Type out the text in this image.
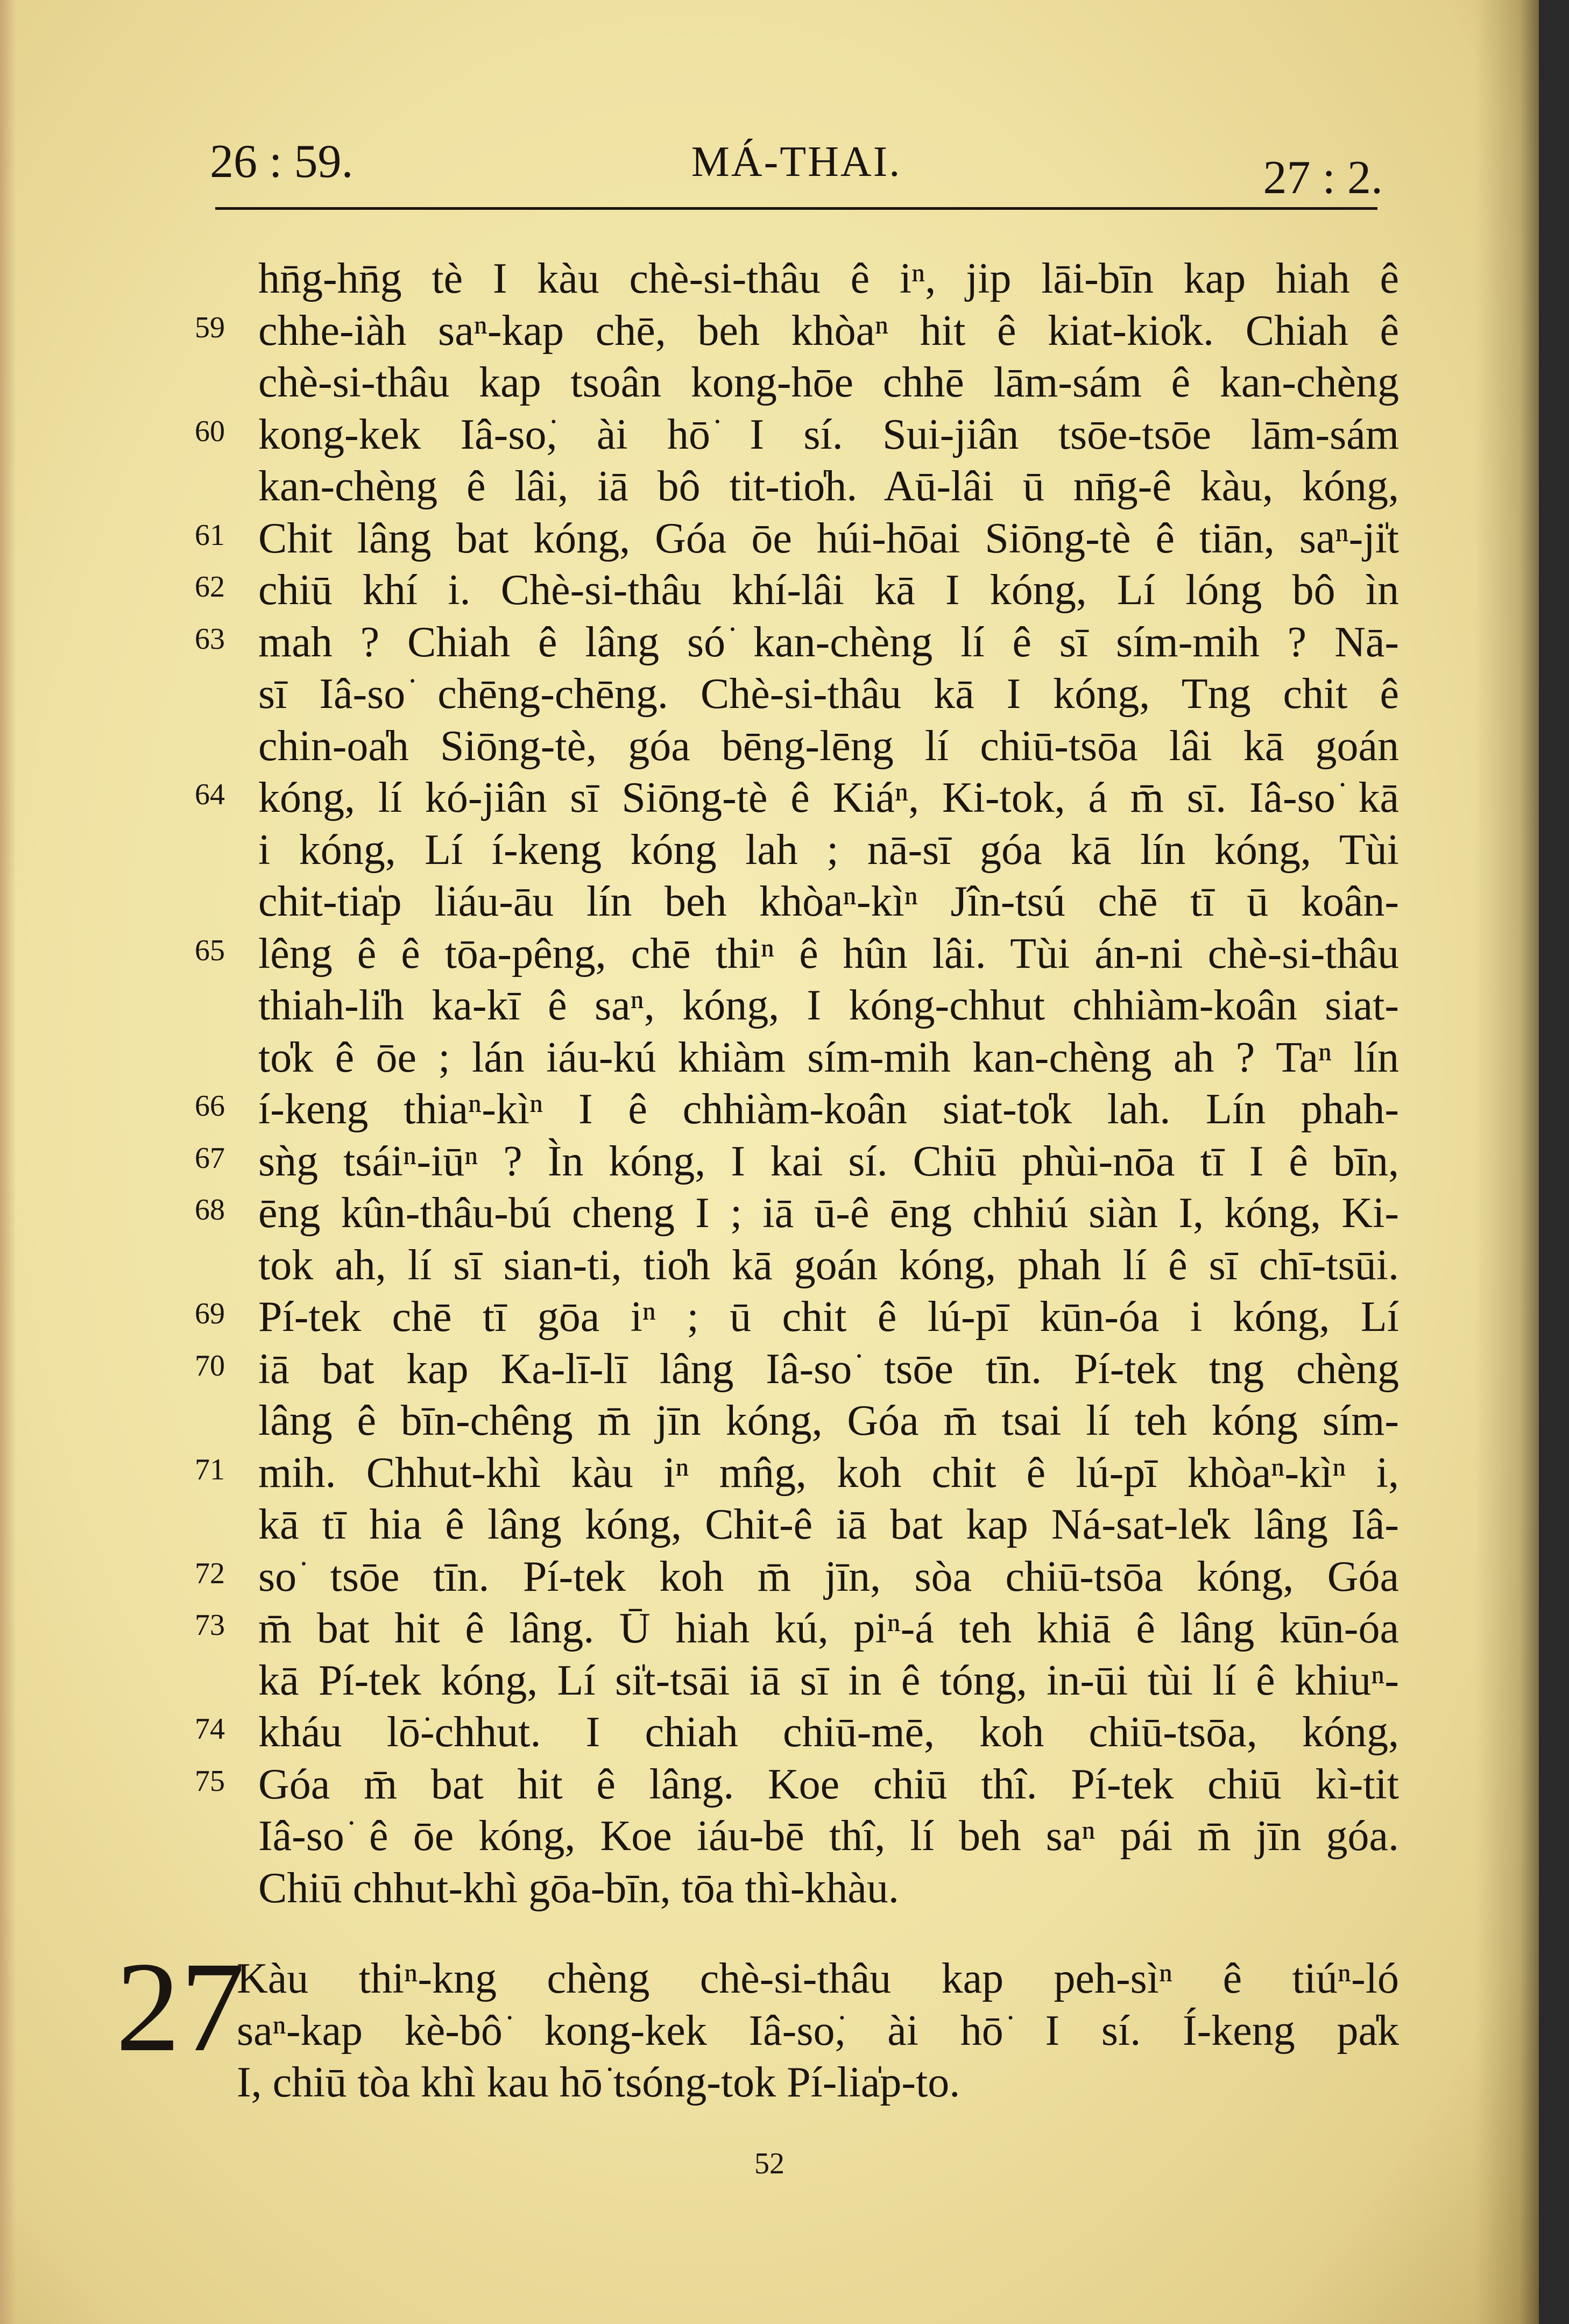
26 : 59.	MÁ-THAI.	27 : 2.
hn̄g-hn̄g tè I kàu chè-si-thâu ê iⁿ, jip lāi-bīn kap hiah ê
59 chhe-iàh saⁿ-kap chē, beh khòaⁿ hit ê kiat-kio̍k. Chiah ê
chè-si-thâu kap tsoân kong-hōe chhē lām-sám ê kan-chèng
60 kong-kek Iâ-so͘, ài hō͘ I sí. Sui-jiân tsōe-tsōe lām-sám
kan-chèng ê lâi, iā bô tit-tio̍h. Aū-lâi ū nn̄g-ê kàu, kóng,
61 Chit lâng bat kóng, Góa ōe húi-hōai Siōng-tè ê tiān, saⁿ-ji̍t
62 chiū khí i. Chè-si-thâu khí-lâi kā I kóng, Lí lóng bô ìn
63 mah ? Chiah ê lâng só͘ kan-chèng lí ê sī sím-mih ? Nā-
sī Iâ-so͘ chēng-chēng. Chè-si-thâu kā I kóng, Tng chit ê
chin-oa̍h Siōng-tè, góa bēng-lēng lí chiū-tsōa lâi kā goán
64 kóng, lí kó-jiân sī Siōng-tè ê Kiáⁿ, Ki-tok, á m̄ sī. Iâ-so͘ kā
i kóng, Lí í-keng kóng lah ; nā-sī góa kā lín kóng, Tùi
chit-tia̍p liáu-āu lín beh khòaⁿ-kìⁿ Jîn-tsú chē tī ū koân-
65 lêng ê ê tōa-pêng, chē thiⁿ ê hûn lâi. Tùi án-ni chè-si-thâu
thiah-li̍h ka-kī ê saⁿ, kóng, I kóng-chhut chhiàm-koân siat-
to̍k ê ōe ; lán iáu-kú khiàm sím-mih kan-chèng ah ? Taⁿ lín
66 í-keng thiaⁿ-kìⁿ I ê chhiàm-koân siat-to̍k lah. Lín phah-
67 sǹg tsáiⁿ-iūⁿ ? Ìn kóng, I kai sí. Chiū phùi-nōa tī I ê bīn,
68 ēng kûn-thâu-bú cheng I ; iā ū-ê ēng chhiú siàn I, kóng, Ki-
tok ah, lí sī sian-ti, tio̍h kā goán kóng, phah lí ê sī chī-tsūi.
69 Pí-tek chē tī gōa iⁿ ; ū chit ê lú-pī kūn-óa i kóng, Lí
70 iā bat kap Ka-lī-lī lâng Iâ-so͘ tsōe tīn. Pí-tek tng chèng
lâng ê bīn-chêng m̄ jīn kóng, Góa m̄ tsai lí teh kóng sím-
71 mih. Chhut-khì kàu iⁿ mn̂g, koh chit ê lú-pī khòaⁿ-kìⁿ i,
kā tī hia ê lâng kóng, Chit-ê iā bat kap Ná-sat-le̍k lâng Iâ-
72 so͘ tsōe tīn. Pí-tek koh m̄ jīn, sòa chiū-tsōa kóng, Góa
73 m̄ bat hit ê lâng. Ū hiah kú, piⁿ-á teh khiā ê lâng kūn-óa
kā Pí-tek kóng, Lí si̍t-tsāi iā sī in ê tóng, in-ūi tùi lí ê khiuⁿ-
74 kháu lō͘-chhut. I chiah chiū-mē, koh chiū-tsōa, kóng,
75 Góa m̄ bat hit ê lâng. Koe chiū thî. Pí-tek chiū kì-tit
Iâ-so͘ ê ōe kóng, Koe iáu-bē thî, lí beh saⁿ pái m̄ jīn góa.
Chiū chhut-khì gōa-bīn, tōa thì-khàu.
27
Kàu thiⁿ-kng chèng chè-si-thâu kap peh-sìⁿ ê tiúⁿ-ló
saⁿ-kap kè-bô͘ kong-kek Iâ-so͘, ài hō͘ I sí. Í-keng pa̍k
I, chiū tòa khì kau hō͘ tsóng-tok Pí-lia̍p-to.
52
